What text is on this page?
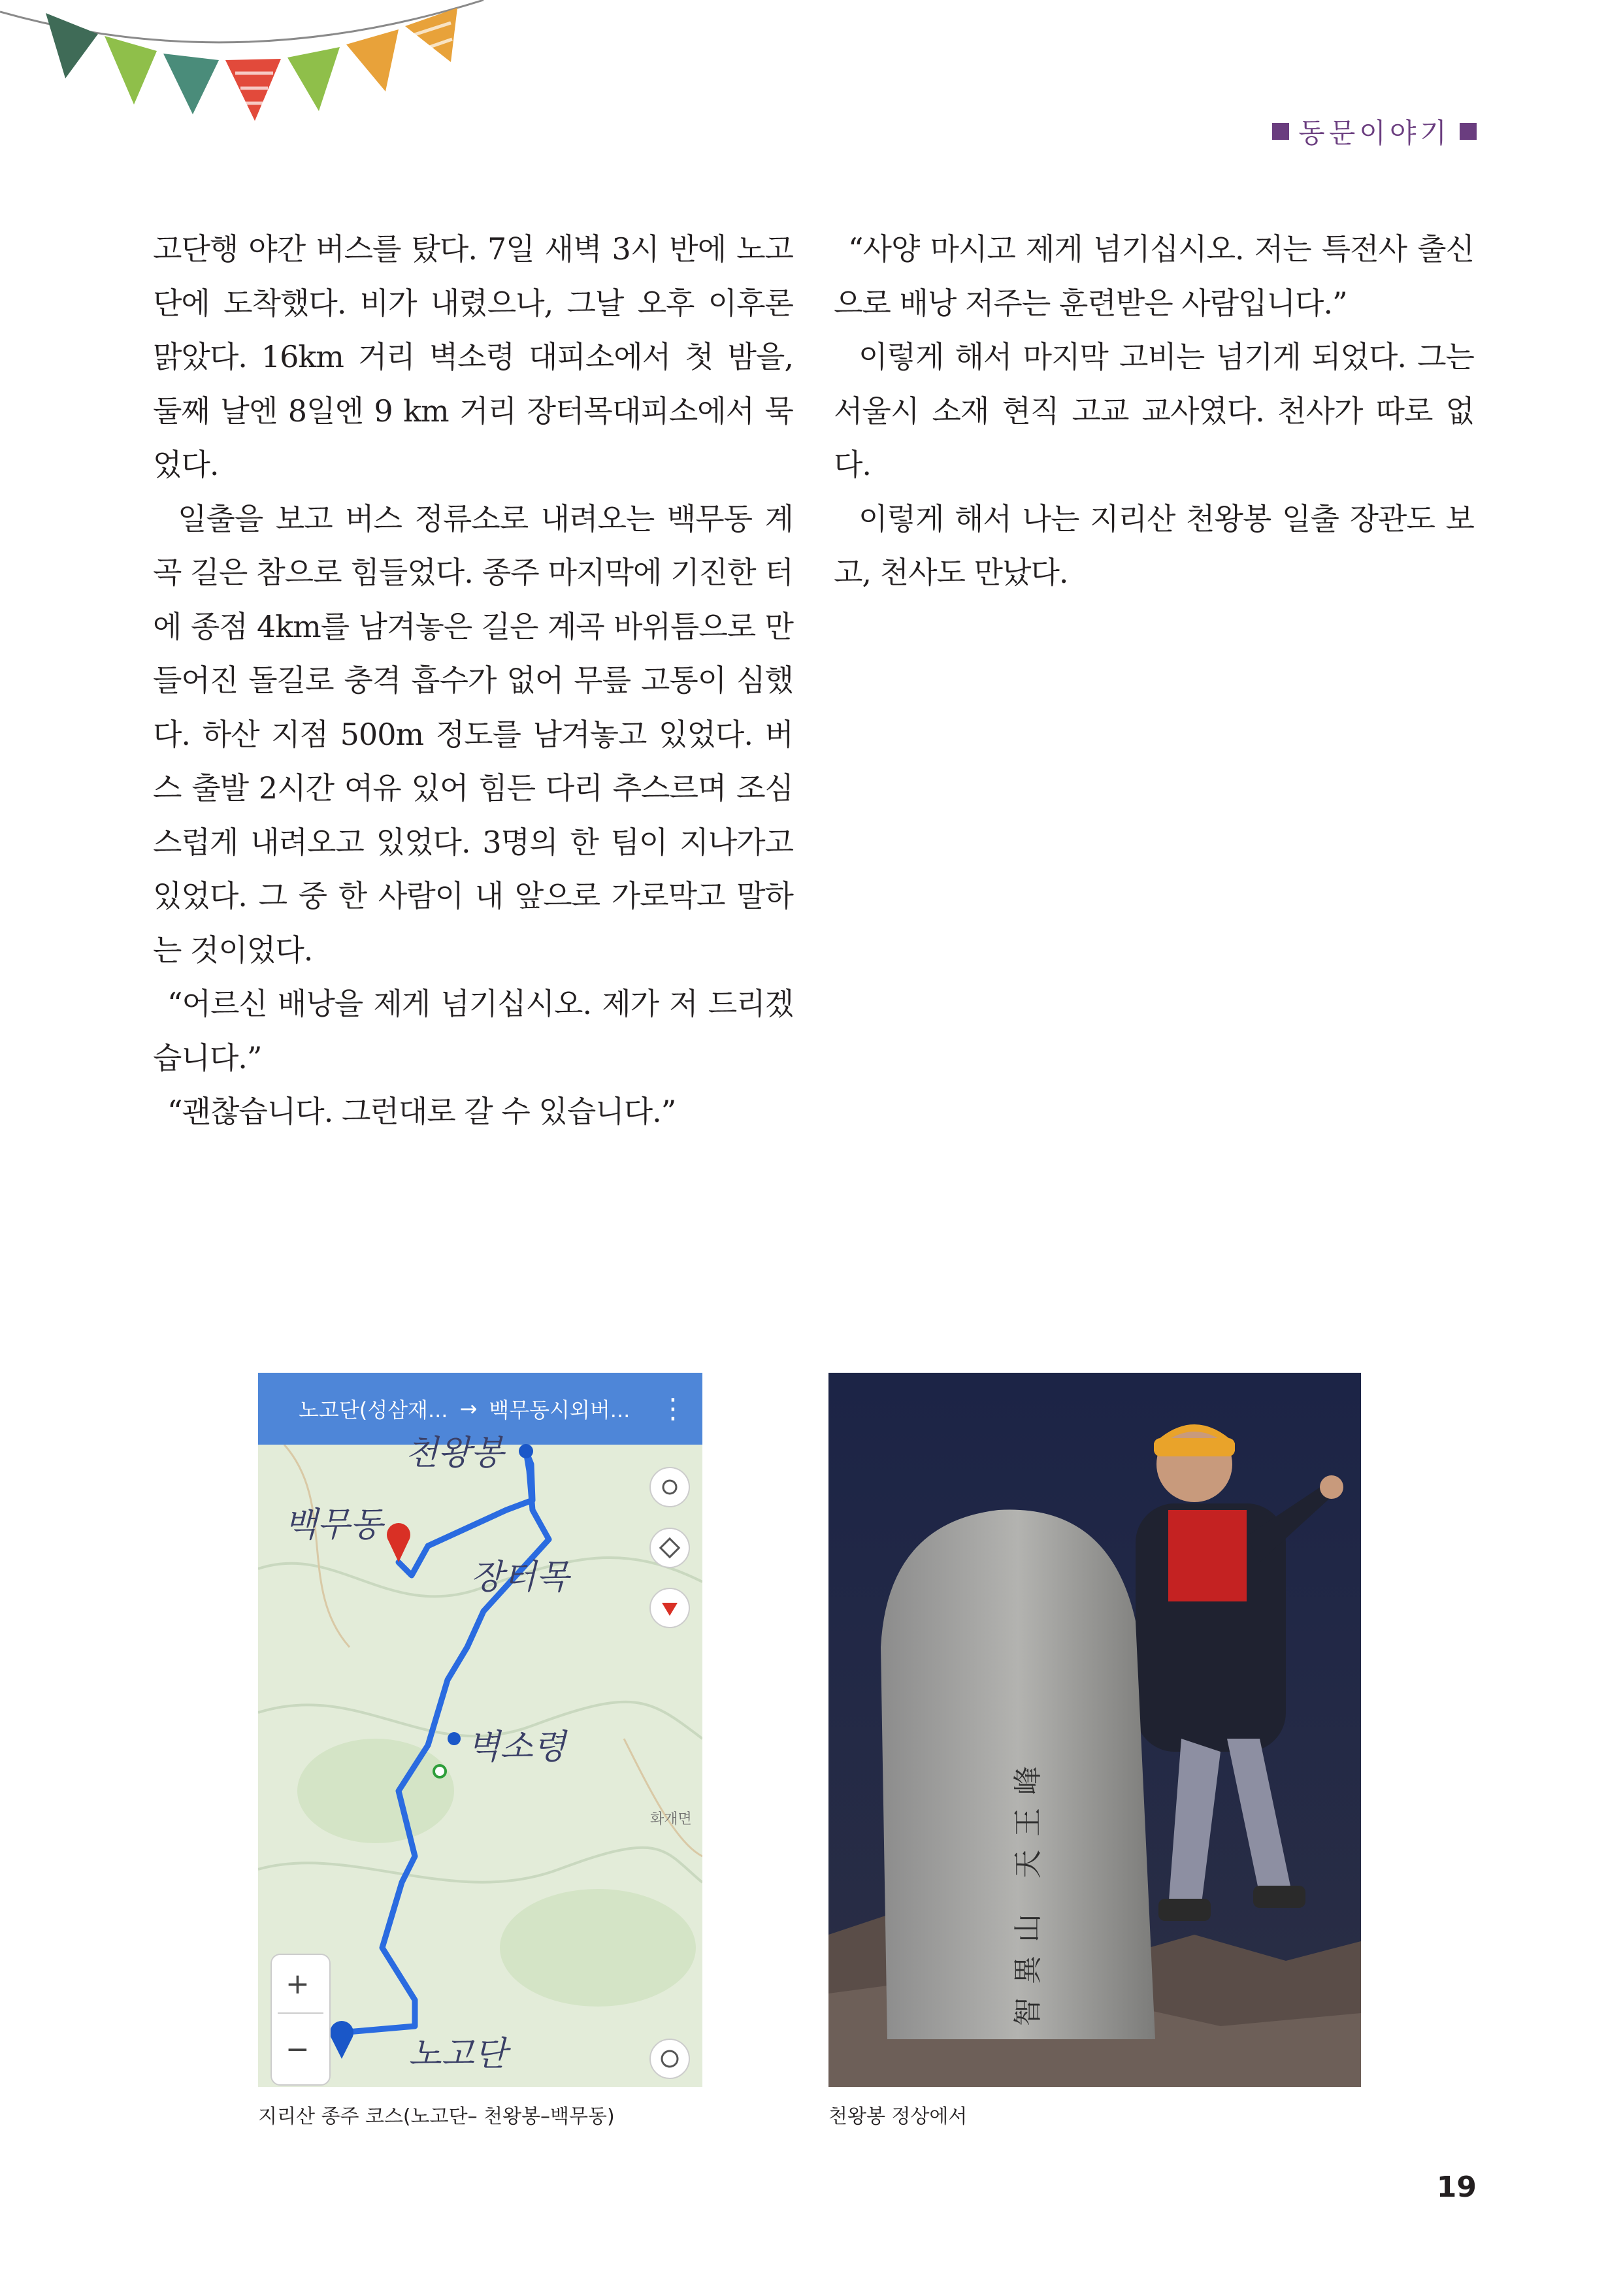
동문이야기

고단행 야간 버스를 탔다. 7일 새벽 3시 반에 노고단에 도착했다. 비가 내렸으나, 그날 오후 이후론 맑았다. 16km 거리 벽소령 대피소에서 첫 밤을, 둘째 날엔 8일엔 9 km 거리 장터목대피소에서 묵었다.

일출을 보고 버스 정류소로 내려오는 백무동 계곡 길은 참으로 힘들었다. 종주 마지막에 기진한 터에 종점 4km를 남겨놓은 길은 계곡 바위틈으로 만들어진 돌길로 충격 흡수가 없어 무릎 고통이 심했다. 하산 지점 500m 정도를 남겨놓고 있었다. 버스 출발 2시간 여유 있어 힘든 다리 추스르며 조심스럽게 내려오고 있었다. 3명의 한 팀이 지나가고 있었다. 그 중 한 사람이 내 앞으로 가로막고 말하는 것이었다.

“어르신 배낭을 제게 넘기십시오. 제가 저 드리겠습니다.”

“괜찮습니다. 그런대로 갈 수 있습니다.”

“사양 마시고 제게 넘기십시오. 저는 특전사 출신으로 배낭 저주는 훈련받은 사람입니다.”

이렇게 해서 마지막 고비는 넘기게 되었다. 그는 서울시 소재 현직 고교 교사였다. 천사가 따로 없다.

이렇게 해서 나는 지리산 천왕봉 일출 장관도 보고, 천사도 만났다.

노고단(성삼재... → 백무동시외버... ⋮
+
−
천왕봉
백무동
장터목
벽소령
노고단
화개면	智異山 天王峰
지리산 종주 코스(노고단– 천왕봉–백무동)	천왕봉 정상에서
19
